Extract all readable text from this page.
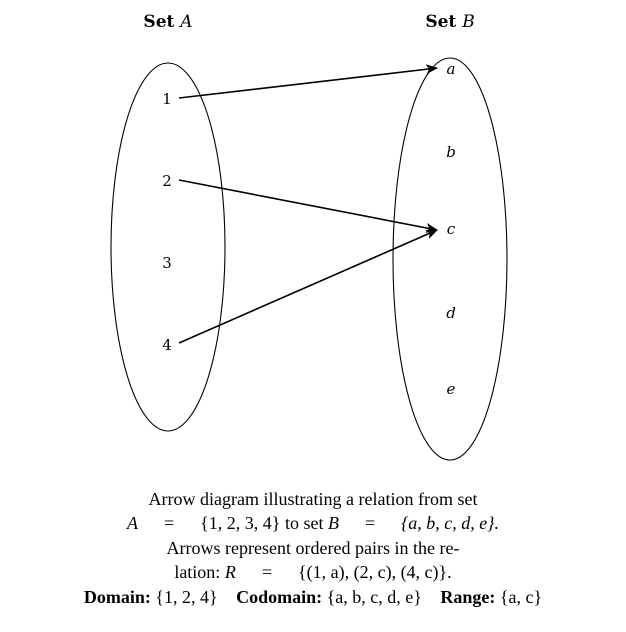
Set A
1
2
3
4
Set B
a
b
c
d
e
Arrow diagram illustrating a relation from set
A = {1, 2, 3, 4} to set B = {a, b, c, d, e}.
Arrows represent ordered pairs in the re-
lation: R = {(1, a), (2, c), (4, c)}.
Domain: {1, 2, 4} Codomain: {a, b, c, d, e} Range: {a, c}
